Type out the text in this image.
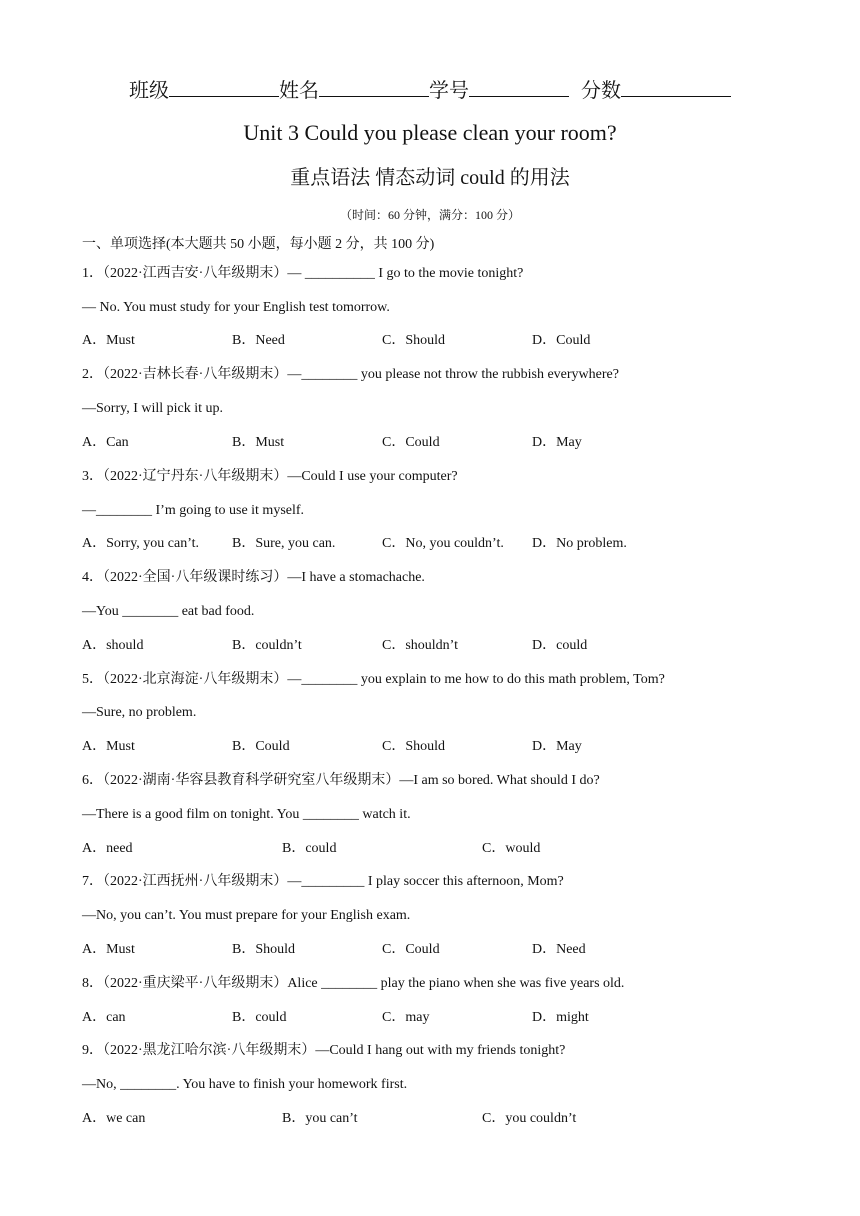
班级	姓名	学号	分数
Unit 3 Could you please clean your room?
重点语法 情态动词 could 的用法
（时间：60 分钟，满分：100 分）
一、单项选择(本大题共 50 小题，每小题 2 分，共 100 分)
1．（2022·江西吉安·八年级期末）— __________ I go to the movie tonight?
— No. You must study for your English test tomorrow.
A．Must	B．Need	C．Should	D．Could
2．（2022·吉林长春·八年级期末）—________ you please not throw the rubbish everywhere?
—Sorry, I will pick it up.
A．Can	B．Must	C．Could	D．May
3．（2022·辽宁丹东·八年级期末）—Could I use your computer?
—________ I’m going to use it myself.
A．Sorry, you can’t. B．Sure, you can.	C．No, you couldn’t. D．No problem.
4．（2022·全国·八年级课时练习）—I have a stomachache.
—You ________ eat bad food.
A．should	B．couldn’t	C．shouldn’t	D．could
5．（2022·北京海淀·八年级期末）—________ you explain to me how to do this math problem, Tom?
—Sure, no problem.
A．Must	B．Could	C．Should	D．May
6．（2022·湖南·华容县教育科学研究室八年级期末）—I am so bored. What should I do?
—There is a good film on tonight. You ________ watch it.
A．need	B．could	C．would
7．（2022·江西抚州·八年级期末）—_________ I play soccer this afternoon, Mom?
—No, you can’t. You must prepare for your English exam.
A．Must	B．Should	C．Could	D．Need
8．（2022·重庆梁平·八年级期末）Alice ________ play the piano when she was five years old.
A．can	B．could	C．may	D．might
9．（2022·黑龙江哈尔滨·八年级期末）—Could I hang out with my friends tonight?
—No, ________. You have to finish your homework first.
A．we can	B．you can’t	C．you couldn’t
